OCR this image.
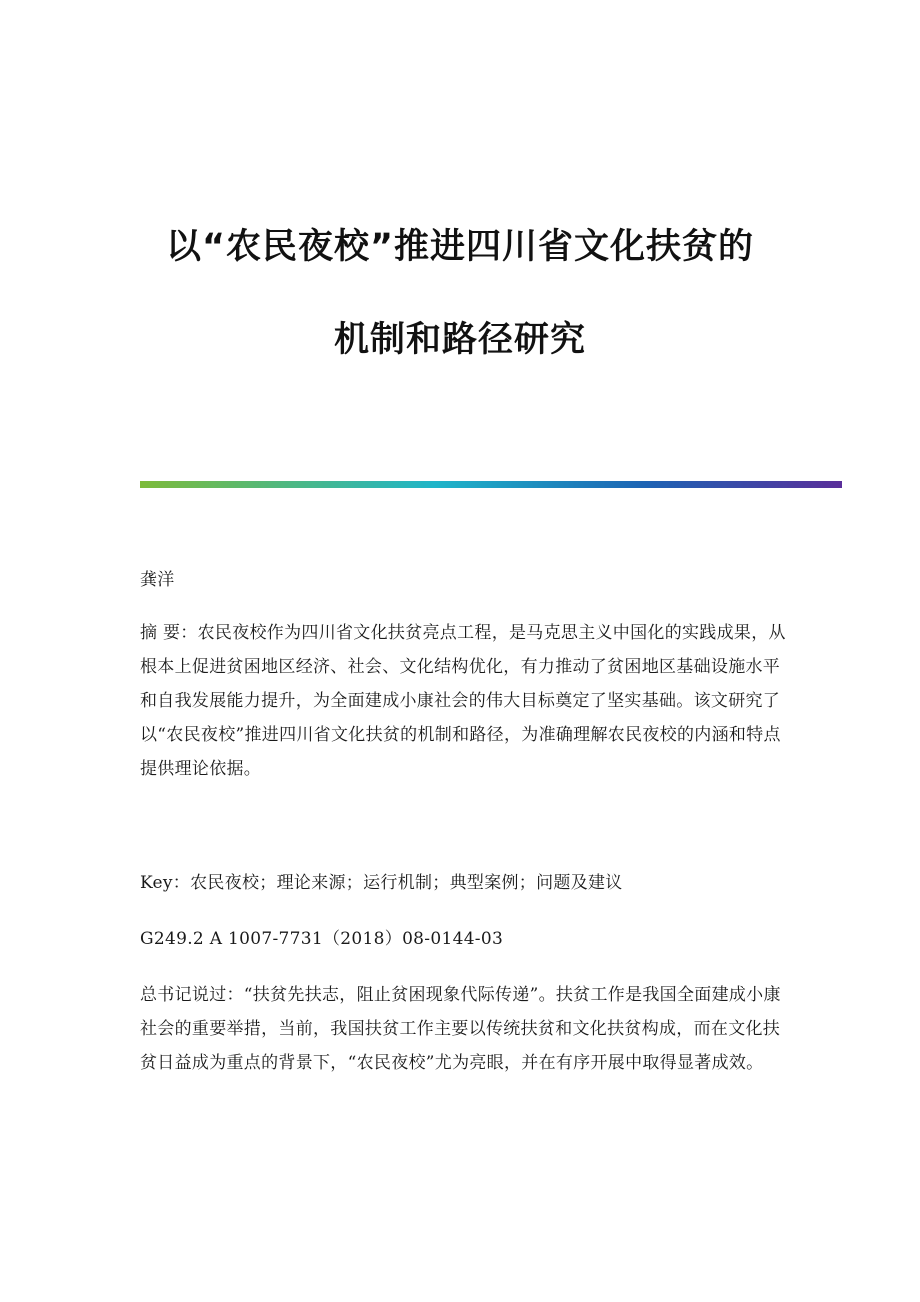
以“农民夜校”推进四川省文化扶贫的
机制和路径研究
龚洋
摘 要：农民夜校作为四川省文化扶贫亮点工程，是马克思主义中国化的实践成果，从根本上促进贫困地区经济、社会、文化结构优化，有力推动了贫困地区基础设施水平和自我发展能力提升，为全面建成小康社会的伟大目标奠定了坚实基础。该文研究了以“农民夜校”推进四川省文化扶贫的机制和路径，为准确理解农民夜校的内涵和特点提供理论依据。
Key：农民夜校；理论来源；运行机制；典型案例；问题及建议
G249.2 A 1007-7731（2018）08-0144-03
总书记说过：“扶贫先扶志，阻止贫困现象代际传递”。扶贫工作是我国全面建成小康社会的重要举措，当前，我国扶贫工作主要以传统扶贫和文化扶贫构成，而在文化扶贫日益成为重点的背景下，“农民夜校”尤为亮眼，并在有序开展中取得显著成效。
